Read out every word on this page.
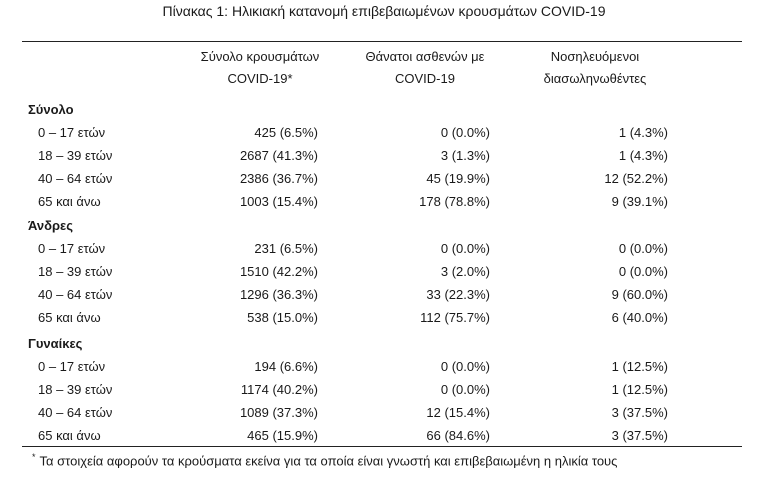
Πίνακας 1: Ηλικιακή κατανομή επιβεβαιωμένων κρουσμάτων COVID-19
Σύνολο κρουσμάτων
COVID-19*
Θάνατοι ασθενών με
COVID-19
Νοσηλευόμενοι
διασωληνωθέντες
Σύνολο
0 – 17 ετών	425 (6.5%)	0 (0.0%)	1 (4.3%)
18 – 39 ετών	2687 (41.3%)	3 (1.3%)	1 (4.3%)
40 – 64 ετών	2386 (36.7%)	45 (19.9%)	12 (52.2%)
65 και άνω	1003 (15.4%)	178 (78.8%)	9 (39.1%)
Άνδρες
0 – 17 ετών	231 (6.5%)	0 (0.0%)	0 (0.0%)
18 – 39 ετών	1510 (42.2%)	3 (2.0%)	0 (0.0%)
40 – 64 ετών	1296 (36.3%)	33 (22.3%)	9 (60.0%)
65 και άνω	538 (15.0%)	112 (75.7%)	6 (40.0%)
Γυναίκες
0 – 17 ετών	194 (6.6%)	0 (0.0%)	1 (12.5%)
18 – 39 ετών	1174 (40.2%)	0 (0.0%)	1 (12.5%)
40 – 64 ετών	1089 (37.3%)	12 (15.4%)	3 (37.5%)
65 και άνω	465 (15.9%)	66 (84.6%)	3 (37.5%)
* Τα στοιχεία αφορούν τα κρούσματα εκείνα για τα οποία είναι γνωστή και επιβεβαιωμένη η ηλικία τους
